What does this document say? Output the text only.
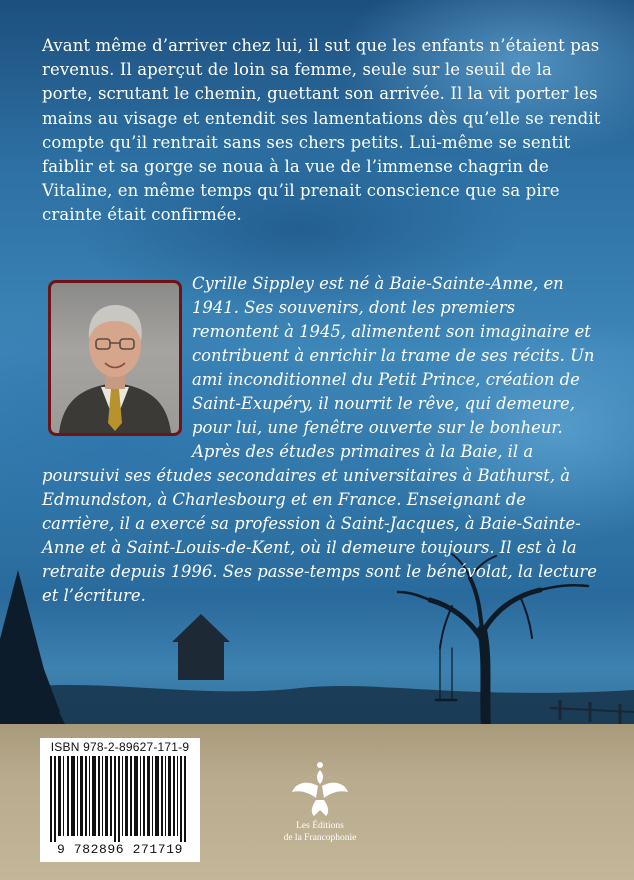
Avant même d’arriver chez lui, il sut que les enfants n’étaient pas revenus. Il aperçut de loin sa femme, seule sur le seuil de la porte, scrutant le chemin, guettant son arrivée. Il la vit porter les mains au visage et entendit ses lamentations dès qu’elle se rendit compte qu’il rentrait sans ses chers petits. Lui-même se sentit faiblir et sa gorge se noua à la vue de l’immense chagrin de Vitaline, en même temps qu’il prenait conscience que sa pire crainte était confirmée.

Cyrille Sippley est né à Baie-Sainte-Anne, en 1941. Ses souvenirs, dont les premiers remontent à 1945, alimentent son imaginaire et contribuent à enrichir la trame de ses récits. Un ami inconditionnel du Petit Prince, création de Saint-Exupéry, il nourrit le rêve, qui demeure, pour lui, une fenêtre ouverte sur le bonheur. Après des études primaires à la Baie, il a poursuivi ses études secondaires et universitaires à Bathurst, à Edmundston, à Charlesbourg et en France. Enseignant de carrière, il a exercé sa profession à Saint-Jacques, à Baie-Sainte-Anne et à Saint-Louis-de-Kent, où il demeure toujours. Il est à la retraite depuis 1996. Ses passe-temps sont le bénévolat, la lecture et l’écriture.

ISBN 978-2-89627-171-9

9 782896 271719

Les Éditions
de la Francophonie
